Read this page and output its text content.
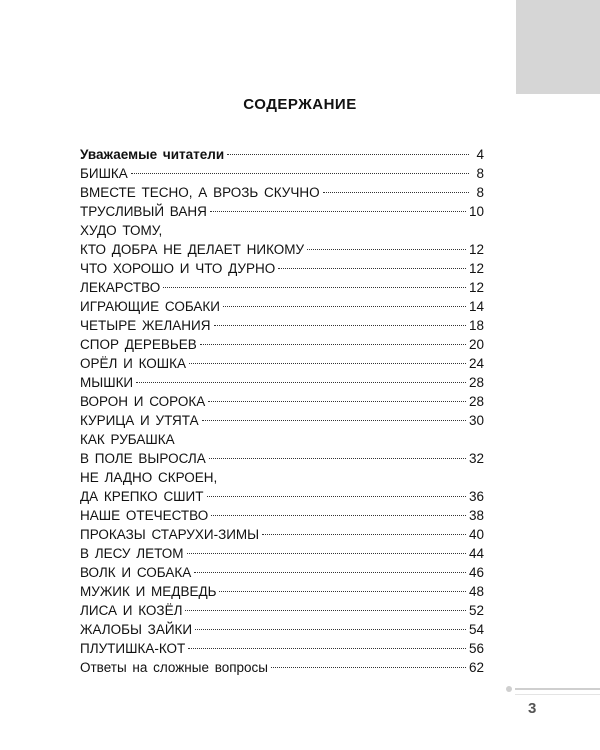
СОДЕРЖАНИЕ
Уважаемые читатели	4
БИШКА	8
ВМЕСТЕ ТЕСНО, А ВРОЗЬ СКУЧНО	8
ТРУСЛИВЫЙ ВАНЯ	10
ХУДО ТОМУ,
КТО ДОБРА НЕ ДЕЛАЕТ НИКОМУ	12
ЧТО ХОРОШО И ЧТО ДУРНО	12
ЛЕКАРСТВО	12
ИГРАЮЩИЕ СОБАКИ	14
ЧЕТЫРЕ ЖЕЛАНИЯ	18
СПОР ДЕРЕВЬЕВ	20
ОРЁЛ И КОШКА	24
МЫШКИ	28
ВОРОН И СОРОКА	28
КУРИЦА И УТЯТА	30
КАК РУБАШКА
В ПОЛЕ ВЫРОСЛА	32
НЕ ЛАДНО СКРОЕН,
ДА КРЕПКО СШИТ	36
НАШЕ ОТЕЧЕСТВО	38
ПРОКАЗЫ СТАРУХИ-ЗИМЫ	40
В ЛЕСУ ЛЕТОМ	44
ВОЛК И СОБАКА	46
МУЖИК И МЕДВЕДЬ	48
ЛИСА И КОЗЁЛ	52
ЖАЛОБЫ ЗАЙКИ	54
ПЛУТИШКА-КОТ	56
Ответы на сложные вопросы	62
3
